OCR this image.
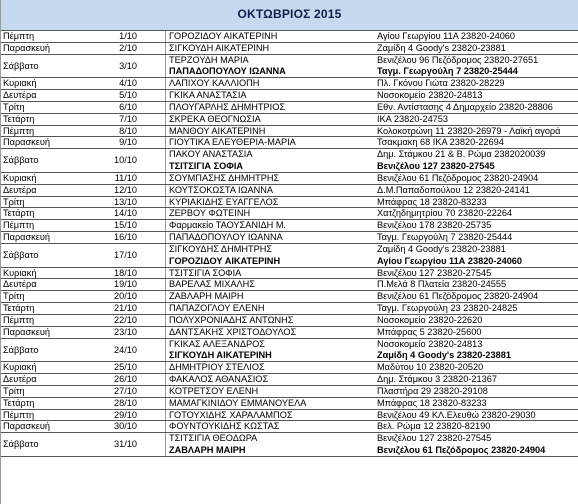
ΟΚΤΩΒΡΙΟΣ 2015
Πέμπτη	1/10	ΓΟΡΟΖΙΔΟΥ ΑΙΚΑΤΕΡΙΝΗ	Αγίου Γεωργίου 11Α 23820-24060
Παρασκευή	2/10	ΣΙΓΚΟΥΔΗ ΑΙΚΑΤΕΡΙΝΗ	Ζαμίδη 4 Goody's 23820-23881
Σάββατο	3/10
ΤΕΡΖΟΥΔΗ ΜΑΡΙΑ	Βενιζέλου 96 Πεζόδρομος 23820-27651
ΠΑΠΑΔΟΠΟΥΛΟΥ ΙΩΑΝΝΑ	Ταγμ. Γεωργούλη 7 23820-25444
Κυριακή	4/10	ΛΑΠΙΧΟΥ ΚΑΛΛΙΟΠΗ	Πλ. Γκόνου Γιώτα 23820-28229
Δευτέρα	5/10	ΓΚΙΚΑ ΑΝΑΣΤΑΣΙΑ	Νοσοκομείο 23820-24813
Τρίτη	6/10	ΠΛΟΥΓΑΡΛΗΣ ΔΗΜΗΤΡΙΟΣ	Εθν. Αντίστασης 4 Δημαρχείο 23820-28806
Τετάρτη	7/10	ΣΚΡΕΚΑ ΘΕΟΓΝΩΣΙΑ	ΙΚΑ 23820-24753
Πέμπτη	8/10	ΜΑΝΘΟΥ ΑΙΚΑΤΕΡΙΝΗ	Κολοκοτρώνη 11 23820-26979 - Λαϊκή αγορά
Παρασκευή	9/10	ΓΙΟΥΤΙΚΑ ΕΛΕΥΘΕΡΙΑ-ΜΑΡΙΑ	Τσακμακη 68 ΙΚΑ 23820-22694
Σάββατο	10/10
ΠΑΚΟΥ ΑΝΑΣΤΑΣΙΑ	Δημ. Στάμκου 21 & Β. Ρώμα 2382020039
ΤΣΙΤΣΙΓΙΑ ΣΟΦΙΑ	Βενιζέλου 127 23820-27545
Κυριακή	11/10	ΣΟΥΜΠΑΣΗΣ ΔΗΜΗΤΡΗΣ	Βενιζέλου 61 Πεζόδρομος 23820-24904
Δευτέρα	12/10	ΚΟΥΤΣΟΚΩΣΤΑ ΙΩΑΝΝΑ	Δ.Μ.Παπαδοπούλου 12 23820-24141
Τρίτη	13/10	ΚΥΡΙΑΚΙΔΗΣ ΕΥΑΓΓΕΛΟΣ	Μπάφρας 18 23820-83233
Τετάρτη	14/10	ΖΕΡΒΟΥ ΦΩΤΕΙΝΗ	Χατζηδημητρίου 70 23820-22264
Πέμπτη	15/10	Φαρμακείο ΤΑΟΥΣΑΝΙΔΗ Μ.	Βενιζέλου 178 23820-25735
Παρασκευή	16/10	ΠΑΠΑΔΟΠΟΥΛΟΥ ΙΩΑΝΝΑ	Ταγμ. Γεωργούλη 7 23820-25444
Σάββατο	17/10
ΣΙΓΚΟΥΔΗΣ ΔΗΜΗΤΡΗΣ	Ζαμίδη 4 Goody's 23820-23881
ΓΟΡΟΖΙΔΟΥ ΑΙΚΑΤΕΡΙΝΗ	Αγίου Γεωργίου 11Α 23820-24060
Κυριακή	18/10	ΤΣΙΤΣΙΓΙΑ ΣΟΦΙΑ	Βενιζέλου 127 23820-27545
Δευτέρα	19/10	ΒΑΡΕΛΑΣ ΜΙΧΑΛΗΣ	Π.Μελά 8 Πλατεία 23820-24555
Τρίτη	20/10	ΖΑΒΛΑΡΗ ΜΑΙΡΗ	Βενιζέλου 61 Πεζόδρομος 23820-24904
Τετάρτη	21/10	ΠΑΠΑΖΟΓΛΟΥ ΕΛΕΝΗ	Ταγμ. Γεωργούλη 23 23820-24825
Πέμπτη	22/10	ΠΟΛΥΧΡΟΝΙΑΔΗΣ ΑΝΤΩΝΗΣ	Νοσοκομείο 23820-22620
Παρασκευή	23/10	ΔΑΝΤΣΑΚΗΣ ΧΡΙΣΤΟΔΟΥΛΟΣ	Μπάφρας 5 23820-25600
Σάββατο	24/10
ΓΚΙΚΑΣ ΑΛΕΞΑΝΔΡΟΣ	Νοσοκομείο 23820-24813
ΣΙΓΚΟΥΔΗ ΑΙΚΑΤΕΡΙΝΗ	Ζαμίδη 4 Goody's 23820-23881
Κυριακή	25/10	ΔΗΜΗΤΡΙΟΥ ΣΤΕΛΙΟΣ	Μαδύτου 10 23820-20520
Δευτέρα	26/10	ΦΑΚΑΛΟΣ ΑΘΑΝΑΣΙΟΣ	Δημ. Στάμκου 3 23820-21367
Τρίτη	27/10	ΚΟΤΡΕΤΣΟΥ ΕΛΕΝΗ	Πλαστήρα 29 23820-29108
Τετάρτη	28/10	ΜΑΜΑΓΚΙΝΙΔΟΥ ΕΜΜΑΝΟΥΕΛΑ	Μπάφρας 18 23820-83233
Πέμπτη	29/10	ΓΟΤΟΥΧΙΔΗΣ ΧΑΡΑΛΑΜΠΟΣ	Βενιζέλου 49 ΚΛ.Ελευθώ 23820-29030
Παρασκευή	30/10	ΦΟΥΝΤΟΥΚΙΔΗΣ ΚΩΣΤΑΣ	Βελ. Ρώμα 12 23820-82190
Σάββατο	31/10
ΤΣΙΤΣΙΓΙΑ ΘΕΟΔΩΡΑ	Βενιζέλου 127 23820-27545
ΖΑΒΛΑΡΗ ΜΑΙΡΗ	Βενιζέλου 61 Πεζόδρομος 23820-24904
